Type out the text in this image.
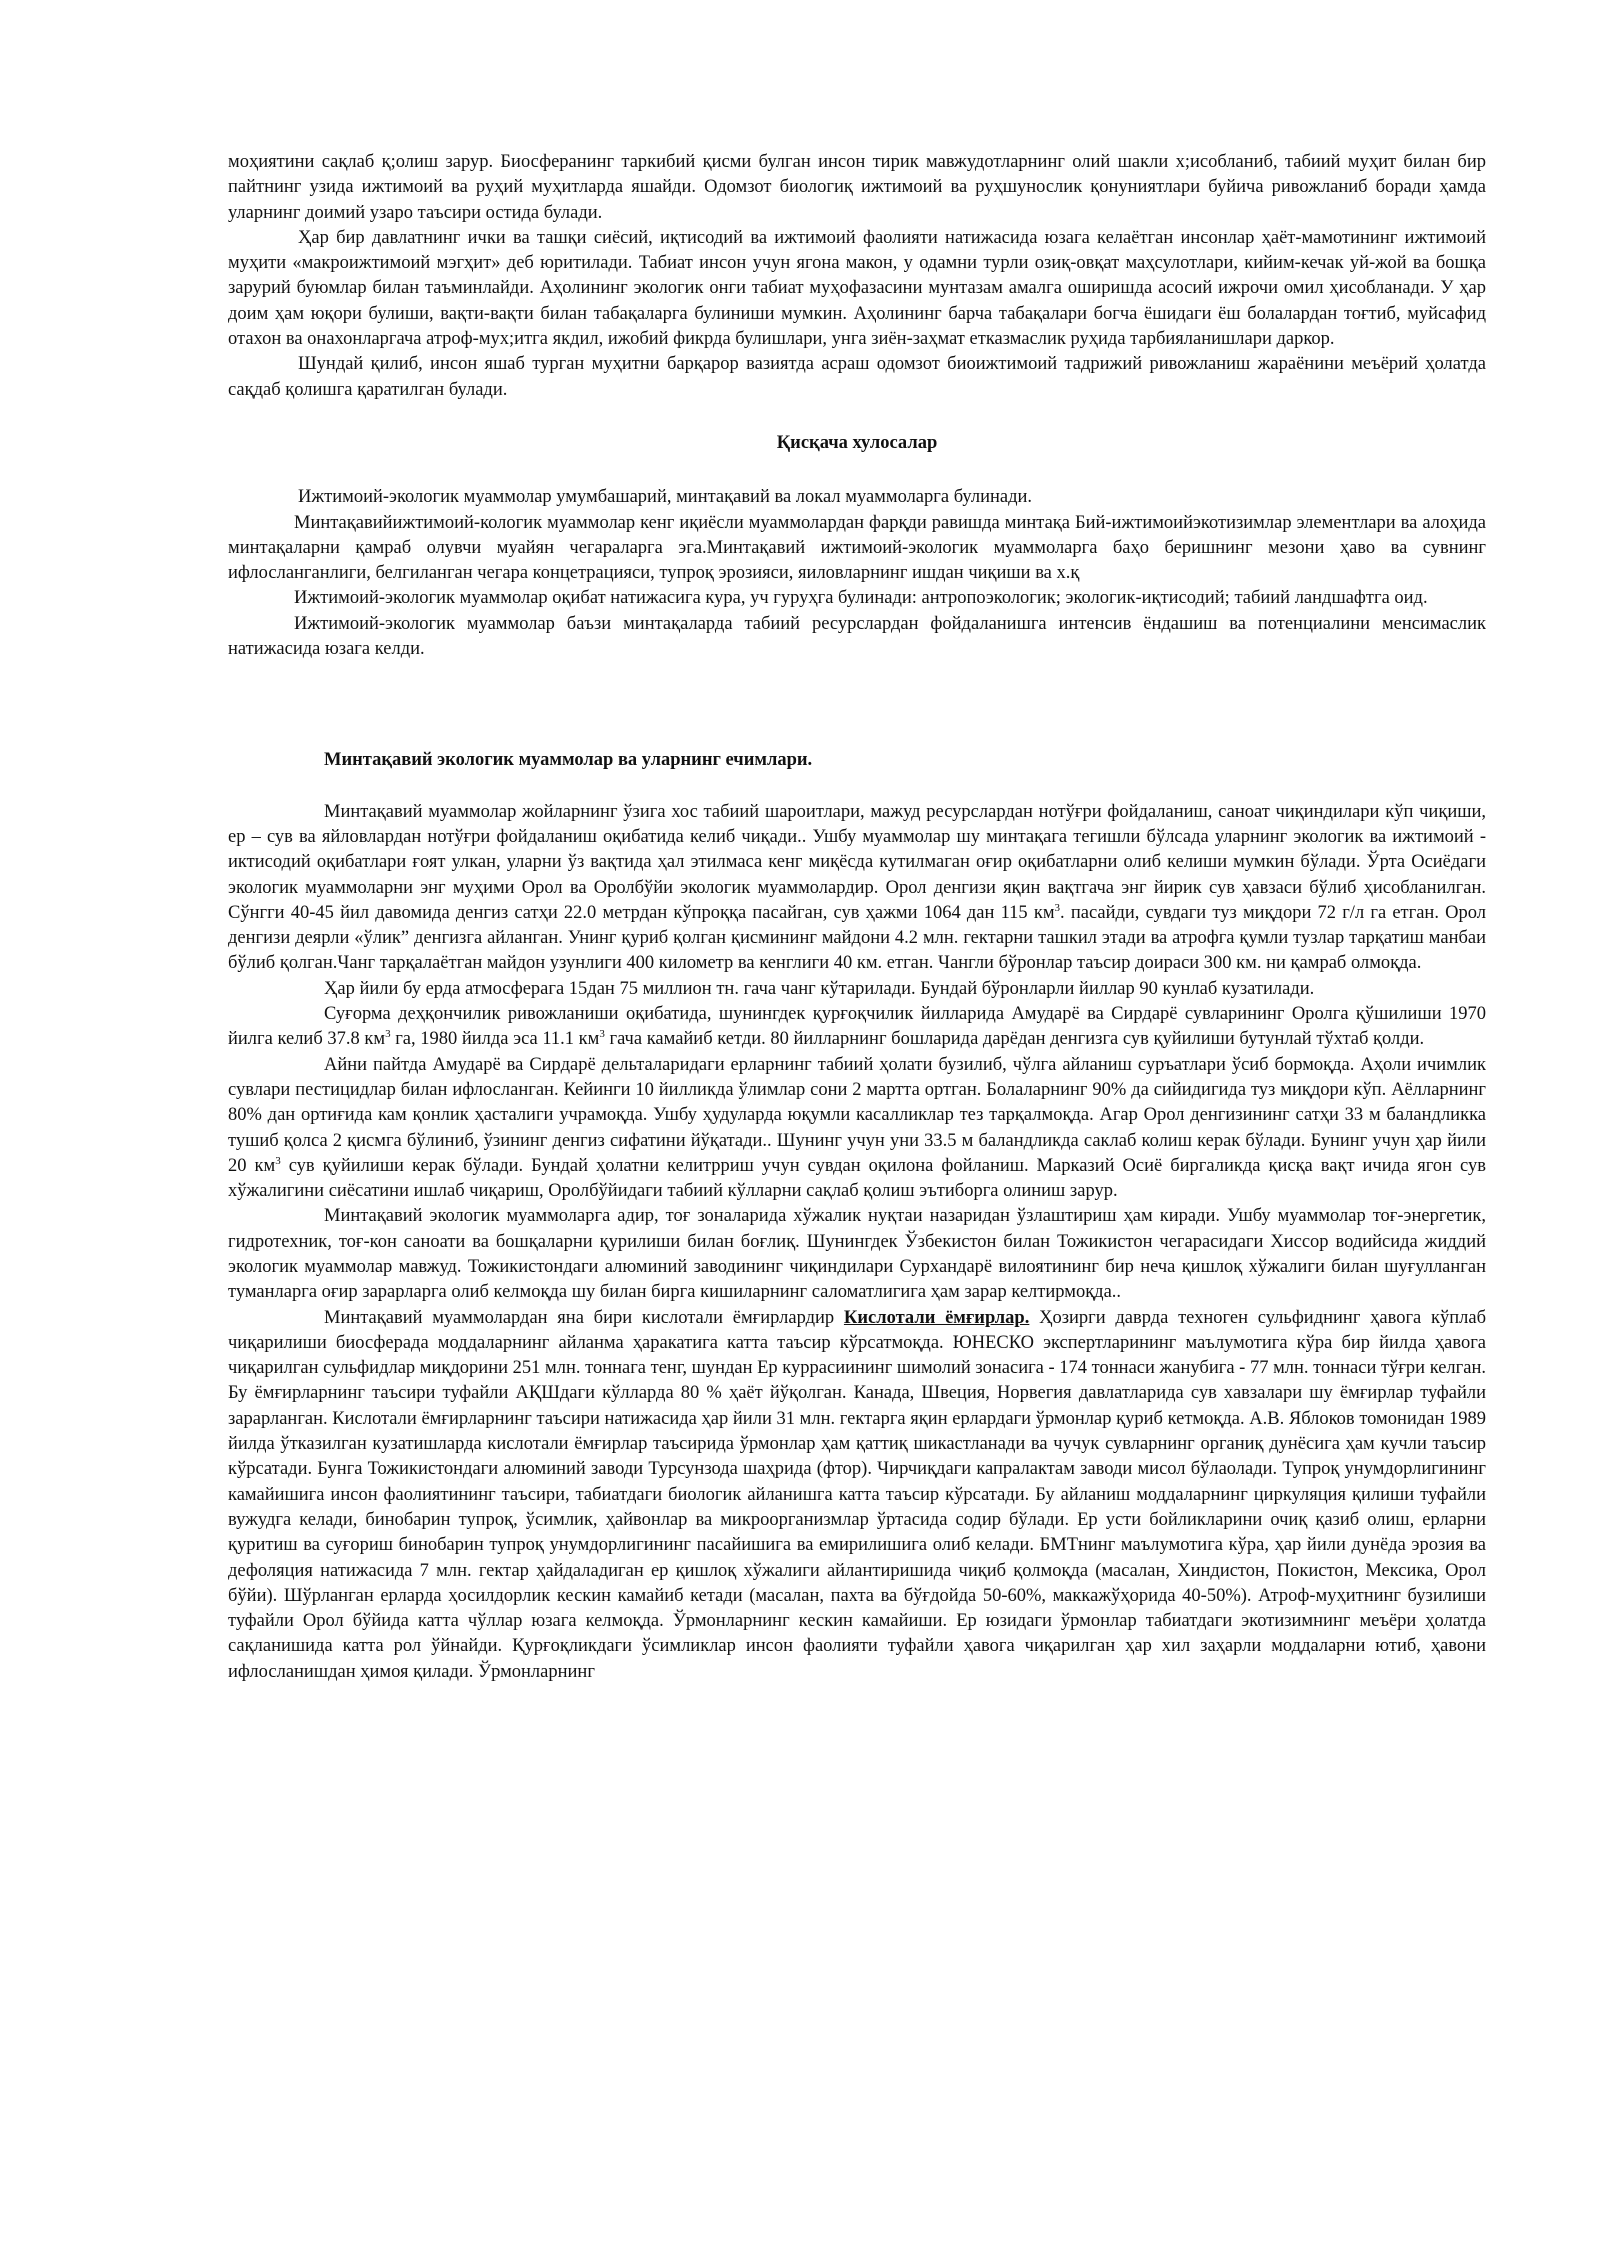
моҳиятини сақлаб қ;олиш зарур. Биосферанинг таркибий қисми булган инсон тирик мавжудотларнинг олий шакли х;исобланиб, табиий муҳит билан бир пайтнинг узида ижтимоий ва руҳий муҳитларда яшайди. Одомзот биологиқ ижтимоий ва руҳшунослик қонуниятлари буйича ривожланиб боради ҳамда уларнинг доимий узаро таъсири остида булади.

Ҳар бир давлатнинг ички ва ташқи сиёсий, иқтисодий ва ижтимоий фаолияти натижасида юзага келаётган инсонлар ҳаёт-мамотининг ижтимоий муҳити «макроижтимоий мэгҳит» деб юритилади. Табиат инсон учун ягона макон, у одамни турли озиқ-овқат маҳсулотлари, кийим-кечак уй-жой ва бошқа зарурий буюмлар билан таъминлайди. Аҳолининг экологик онги табиат муҳофазасини мунтазам амалга оширишда асосий ижрочи омил ҳисобланади. У ҳар доим ҳам юқори булиши, вақти-вақти билан табақаларга булиниши мумкин. Аҳолининг барча табақалари богча ёшидаги ёш болалардан тоғтиб, муйсафид отахон ва онахонларгача атроф-мух;итга якдил, ижобий фикрда булишлари, унга зиён-заҳмат етказмаслик руҳида тарбияланишлари даркор.

Шундай қилиб, инсон яшаб турган муҳитни барқарор вазиятда асраш одомзот биоижтимоий тадрижий ривожланиш жараёнини меъёрий ҳолатда сақдаб қолишга қаратилган булади.

Қисқача хулосалар

Ижтимоий-экологик муаммолар умумбашарий, минтақавий ва локал муаммоларга булинади.

Минтақавийижтимоий-кологик муаммолар кенг иқиёсли муаммолардан фарқди равишда минтақа Бий-ижтимоийэкотизимлар элементлари ва алоҳида минтақаларни қамраб олувчи муайян чегараларга эга.Минтақавий ижтимоий-экологик муаммоларга баҳо беришнинг мезони ҳаво ва сувнинг ифлосланганлиги, белгиланган чегара концетрацияси, тупроқ эрозияси, яиловларнинг ишдан чиқиши ва х.қ

Ижтимоий-экологик муаммолар оқибат натижасига кура, уч гуруҳга булинади: антропоэкологик; экологик-иқтисодий; табиий ландшафтга оид.

Ижтимоий-экологик муаммолар баъзи минтақаларда табиий ресурслардан фойдаланишга интенсив ёндашиш ва потенциалини менсимаслик натижасида юзага келди.

Минтақавий экологик муаммолар ва уларнинг ечимлари.

Минтақавий муаммолар жойларнинг ўзига хос табиий шароитлари, мажуд ресурслардан нотўғри фойдаланиш, саноат чиқиндилари кўп чиқиши, ер – сув ва яйловлардан нотўғри фойдаланиш оқибатида келиб чиқади.. Ушбу муаммолар шу минтақага тегишли бўлсада уларнинг экологик ва ижтимоий - иктисодий оқибатлари ғоят улкан, уларни ўз вақтида ҳал этилмаса кенг миқёсда кутилмаган оғир оқибатларни олиб келиши мумкин бўлади. Ўрта Осиёдаги экологик муаммоларни энг муҳими Орол ва Оролбўйи экологик муаммолардир. Орол денгизи яқин вақтгача энг йирик сув ҳавзаси бўлиб ҳисобланилган. Сўнгги 40-45 йил давомида денгиз сатҳи 22.0 метрдан кўпроққа пасайган, сув ҳажми 1064 дан 115 $км^3$. пасайди, сувдаги туз миқдори 72 г/л га етган. Орол денгизи деярли «ўлик” денгизга айланган. Унинг қуриб қолган қисмининг майдони 4.2 млн. гектарни ташкил этади ва атрофга қумли тузлар тарқатиш манбаи бўлиб қолган.Чанг тарқалаётган майдон узунлиги 400 километр ва кенглиги 40 км. етган. Чангли бўронлар таъсир доираси 300 км. ни қамраб олмоқда.

Ҳар йили бу ерда атмосферага 15дан 75 миллион тн. гача чанг кўтарилади. Бундай бўронларли йиллар 90 кунлаб кузатилади.

Суғорма деҳқончилик ривожланиши оқибатида, шунингдек қурғоқчилик йилларида Амударё ва Сирдарё сувларининг Оролга қўшилиши 1970 йилга келиб 37.8 $км^3$ га, 1980 йилда эса 11.1 $км^3$ гача камайиб кетди. 80 йилларнинг бошларида дарёдан денгизга сув қуйилиши бутунлай тўхтаб қолди.

Айни пайтда Амударё ва Сирдарё дельталаридаги ерларнинг табиий ҳолати бузилиб, чўлга айланиш суръатлари ўсиб бормоқда. Аҳоли ичимлик сувлари пестицидлар билан ифлосланган. Кейинги 10 йилликда ўлимлар сони 2 мартта ортган. Болаларнинг 90% да сийидигида туз миқдори кўп. Аёлларнинг 80% дан ортиғида кам қонлик ҳасталиги учрамоқда. Ушбу ҳудуларда юқумли касалликлар тез тарқалмоқда. Агар Орол денгизининг сатҳи 33 м баландликка тушиб қолса 2 қисмга бўлиниб, ўзининг денгиз сифатини йўқатади.. Шунинг учун уни 33.5 м баландликда саклаб колиш керак бўлади. Бунинг учун ҳар йили 20 $км^3$ сув қуйилиши керак бўлади. Бундай ҳолатни келитрриш учун сувдан оқилона фойланиш. Марказий Осиё биргаликда қисқа вақт ичида ягон сув хўжалигини сиёсатини ишлаб чиқариш, Оролбўйидаги табиий кўлларни сақлаб қолиш эътиборга олиниш зарур.

Минтақавий экологик муаммоларга адир, тоғ зоналарида хўжалик нуқтаи назаридан ўзлаштириш ҳам киради. Ушбу муаммолар тоғ-энергетик, гидротехник, тоғ-кон саноати ва бошқаларни қурилиши билан боғлиқ. Шунингдек Ўзбекистон билан Тожикистон чегарасидаги Хиссор водийсида жиддий экологик муаммолар мавжуд. Тожикистондаги алюминий заводининг чиқиндилари Сурхандарё вилоятининг бир неча қишлоқ хўжалиги билан шуғулланган туманларга оғир зарарларга олиб келмоқда шу билан бирга кишиларнинг саломатлигига ҳам зарар келтирмоқда..

Минтақавий муаммолардан яна бири кислотали ёмғирлардир Кислотали ёмғирлар. Ҳозирги даврда техноген сульфиднинг ҳавога кўплаб чиқарилиши биосферада моддаларнинг айланма ҳаракатига катта таъсир кўрсатмоқда. ЮНЕСКО экспертларининг маълумотига кўра бир йилда ҳавога чиқарилган сульфидлар миқдорини 251 млн. тоннага тенг, шундан Ер куррасиининг шимолий зонасига - 174 тоннаси жанубига - 77 млн. тоннаси тўғри келган. Бу ёмғирларнинг таъсири туфайли АҚШдаги кўлларда 80 % ҳаёт йўқолган. Канада, Швеция, Норвегия давлатларида сув хавзалари шу ёмғирлар туфайли зарарланган. Кислотали ёмғирларнинг таъсири натижасида ҳар йили 31 млн. гектарга яқин ерлардаги ўрмонлар қуриб кетмоқда. А.В. Яблоков томонидан 1989 йилда ўтказилган кузатишларда кислотали ёмғирлар таъсирида ўрмонлар ҳам қаттиқ шикастланади ва чучук сувларнинг органиқ дунёсига ҳам кучли таъсир кўрсатади. Бунга Тожикистондаги алюминий заводи Турсунзода шаҳрида (фтор). Чирчиқдаги капралактам заводи мисол бўлаолади. Тупроқ унумдорлигининг камайишига инсон фаолиятининг таъсири, табиатдаги биологик айланишга катта таъсир кўрсатади. Бу айланиш моддаларнинг циркуляция қилиши туфайли вужудга келади, бинобарин тупроқ, ўсимлик, ҳайвонлар ва микроорганизмлар ўртасида содир бўлади. Ер усти бойликларини очиқ қазиб олиш, ерларни қуритиш ва суғориш бинобарин тупроқ унумдорлигининг пасайишига ва емирилишига олиб келади. БМТнинг маълумотига кўра, ҳар йили дунёда эрозия ва дефоляция натижасида 7 млн. гектар ҳайдаладиган ер қишлоқ хўжалиги айлантиришида чиқиб қолмоқда (масалан, Хиндистон, Покистон, Мексика, Орол бўйи). Шўрланган ерларда ҳосилдорлик кескин камайиб кетади (масалан, пахта ва бўғдойда 50-60%, маккажўҳорида 40-50%). Атроф-муҳитнинг бузилиши туфайли Орол бўйида катта чўллар юзага келмоқда. Ўрмонларнинг кескин камайиши. Ер юзидаги ўрмонлар табиатдаги экотизимнинг меъёри ҳолатда сақланишида катта рол ўйнайди. Қурғоқликдаги ўсимликлар инсон фаолияти туфайли ҳавога чиқарилган ҳар хил заҳарли моддаларни ютиб, ҳавони ифлосланишдан ҳимоя қилади. Ўрмонларнинг
